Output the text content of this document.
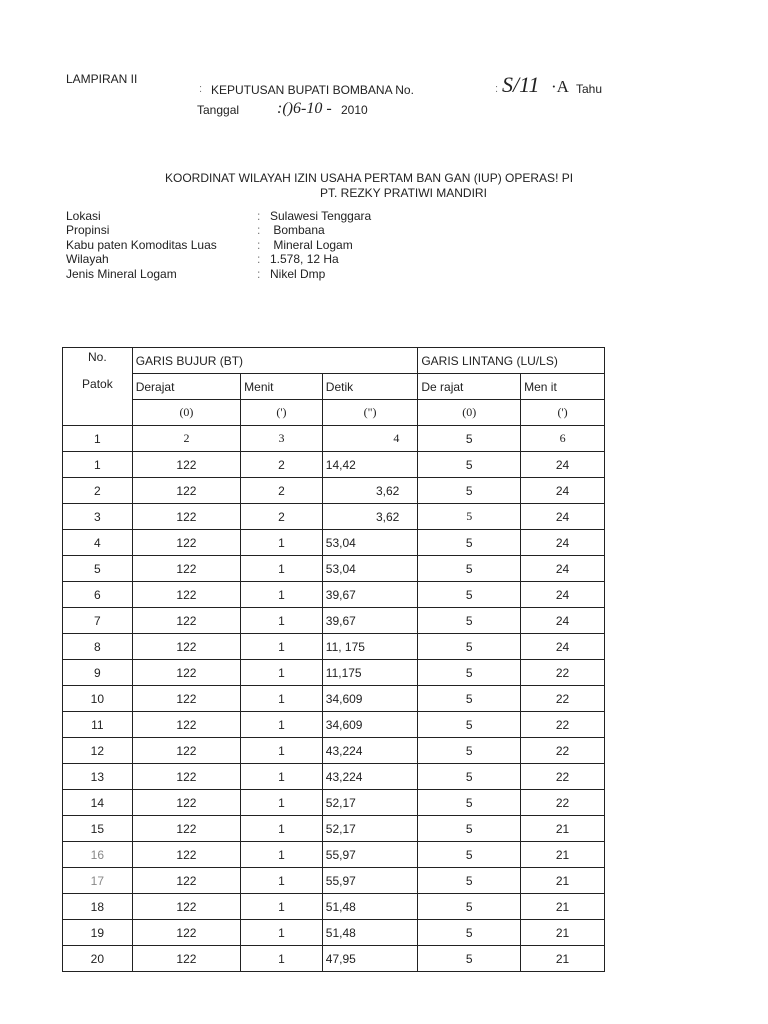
LAMPIRAN II
: KEPUTUSAN BUPATI BOMBANA No.	: S/11 ·A Tahu
Tanggal :()6-10 - 2010
KOORDINAT WILAYAH IZIN USAHA PERTAM BAN GAN (IUP) OPERAS! PI
PT. REZKY PRATIWI MANDIRI
Lokasi	: Sulawesi Tenggara
Propinsi	: Bombana
Kabu paten Komoditas Luas	: Mineral Logam
Wilayah	: 1.578, 12 Ha
Jenis Mineral Logam	: Nikel Dmp
No.
Patok	GARIS BUJUR (BT)			GARIS LINTANG (LU/LS)	
	Derajat	Menit	Detik	De rajat	Men it
	(0)	(')	(")	(0)	(')
1	2	3	4	5	6
1	122	2	14,42	5	24
2	122	2	3,62	5	24
3	122	2	3,62	5	24
4	122	1	53,04	5	24
5	122	1	53,04	5	24
6	122	1	39,67	5	24
7	122	1	39,67	5	24
8	122	1	11, 175	5	24
9	122	1	11,175	5	22
10	122	1	34,609	5	22
11	122	1	34,609	5	22
12	122	1	43,224	5	22
13	122	1	43,224	5	22
14	122	1	52,17	5	22
15	122	1	52,17	5	21
16	122	1	55,97	5	21
17	122	1	55,97	5	21
18	122	1	51,48	5	21
19	122	1	51,48	5	21
20	122	1	47,95	5	21
